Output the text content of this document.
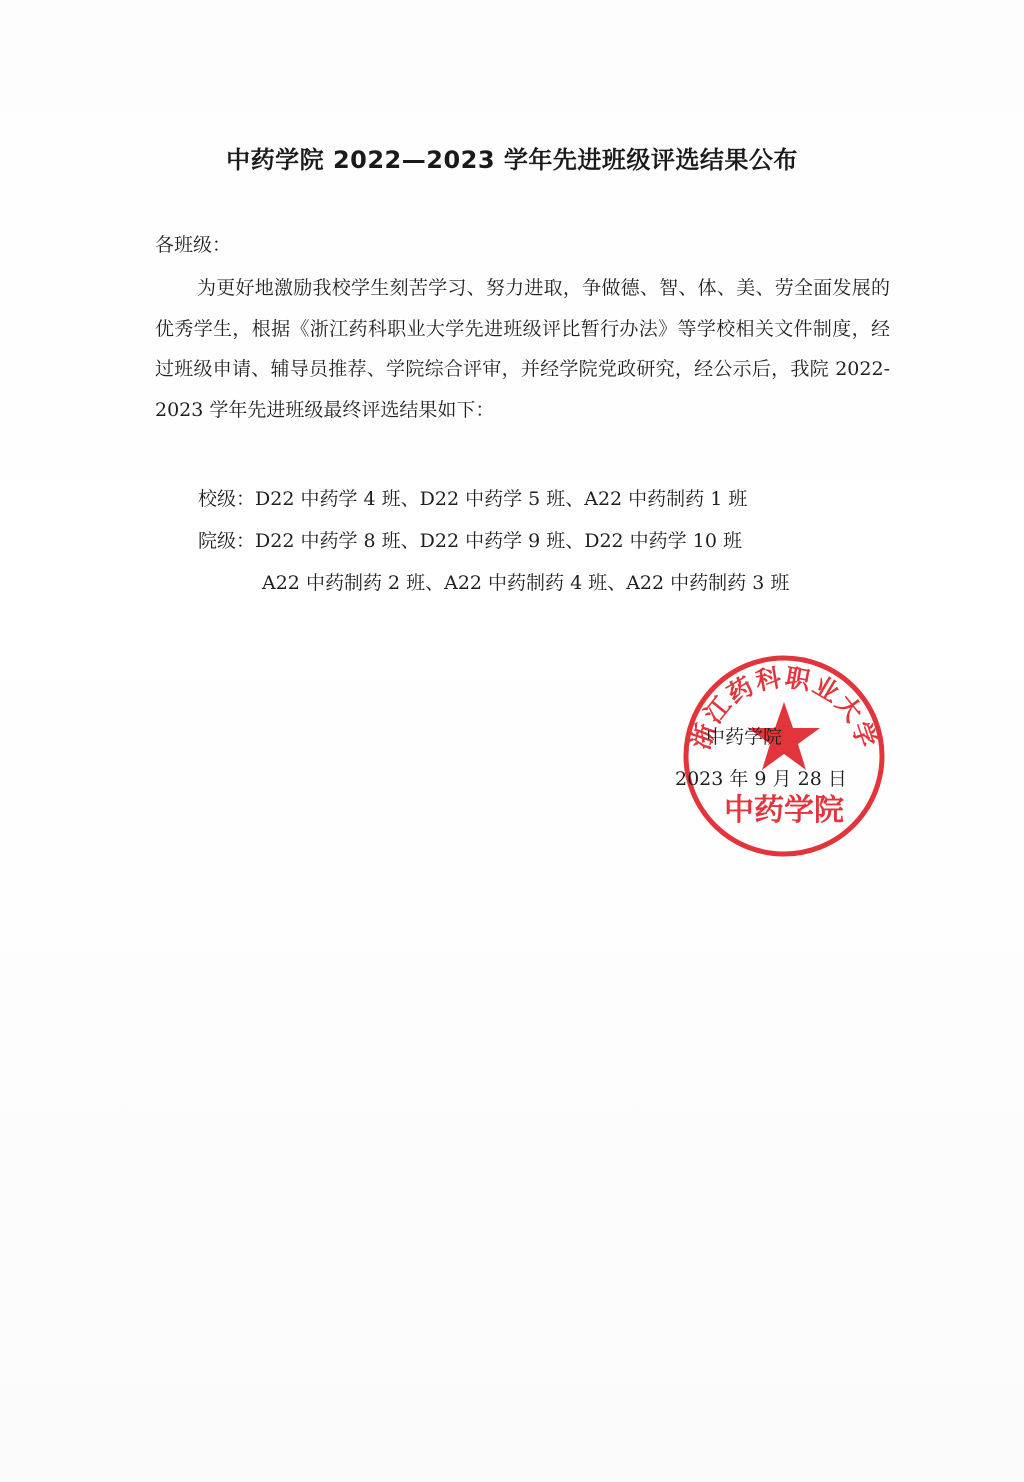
中药学院 2022—2023 学年先进班级评选结果公布
各班级：
为更好地激励我校学生刻苦学习、努力进取，争做德、智、体、美、劳全面发展的优秀学生，根据《浙江药科职业大学先进班级评比暂行办法》等学校相关文件制度，经过班级申请、辅导员推荐、学院综合评审，并经学院党政研究，经公示后，我院 2022-2023 学年先进班级最终评选结果如下：
校级：D22 中药学 4 班、D22 中药学 5 班、A22 中药制药 1 班
院级：D22 中药学 8 班、D22 中药学 9 班、D22 中药学 10 班
A22 中药制药 2 班、A22 中药制药 4 班、A22 中药制药 3 班
浙江药科职业大学
中药学院
中药学院
2023 年 9 月 28 日
